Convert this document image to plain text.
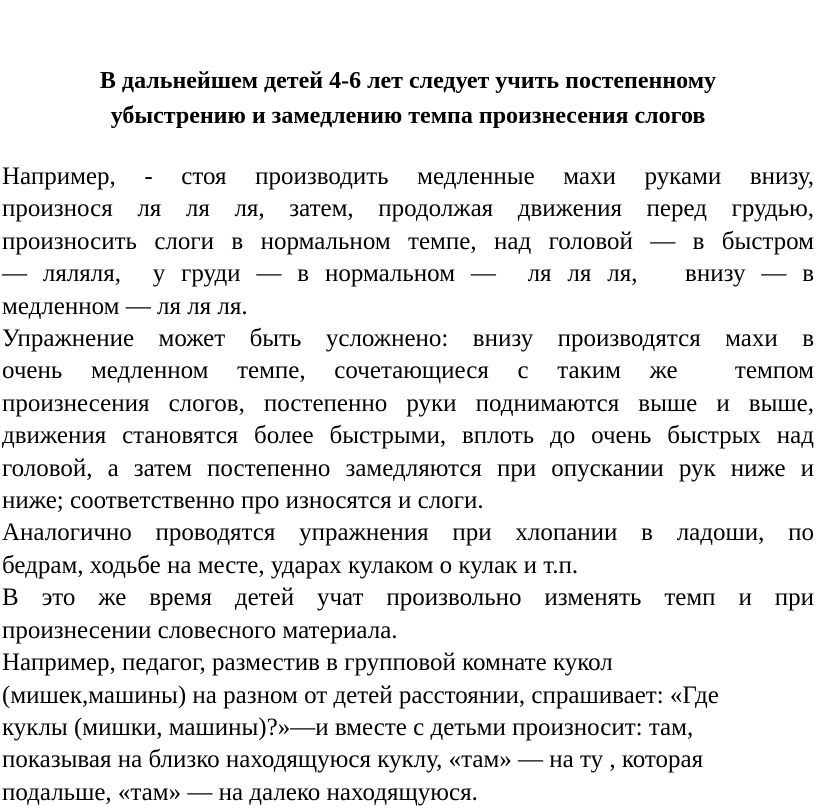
В дальнейшем детей 4-6 лет следует учить постепенному
убыстрению и замедлению темпа произнесения слогов

Например, - стоя производить медленные махи руками внизу,
произнося ля ля ля, затем, продолжая движения перед грудью,
произносить слоги в нормальном темпе, над головой — в быстром
— ляляля,  у груди — в нормальном —  ля ля ля,   внизу — в
медленном — ля ля ля.

Упражнение может быть усложнено: внизу производятся махи в
очень медленном темпе, сочетающиеся с таким же  темпом
произнесения слогов, постепенно руки поднимаются выше и выше,
движения становятся более быстрыми, вплоть до очень быстрых над
головой, а затем постепенно замедляются при опускании рук ниже и
ниже; соответственно про износятся и слоги.

Аналогично проводятся упражнения при хлопании в ладоши, по
бедрам, ходьбе на месте, ударах кулаком о кулак и т.п.

В это же время детей учат произвольно изменять темп и при
произнесении словесного материала.

Например, педагог, разместив в групповой комнате кукол
(мишек,машины) на разном от детей расстоянии, спрашивает: «Где
куклы (мишки, машины)?»—и вместе с детьми произносит: там,
показывая на близко находящуюся куклу, «там» — на ту , которая
подальше, «там» — на далеко находящуюся.
